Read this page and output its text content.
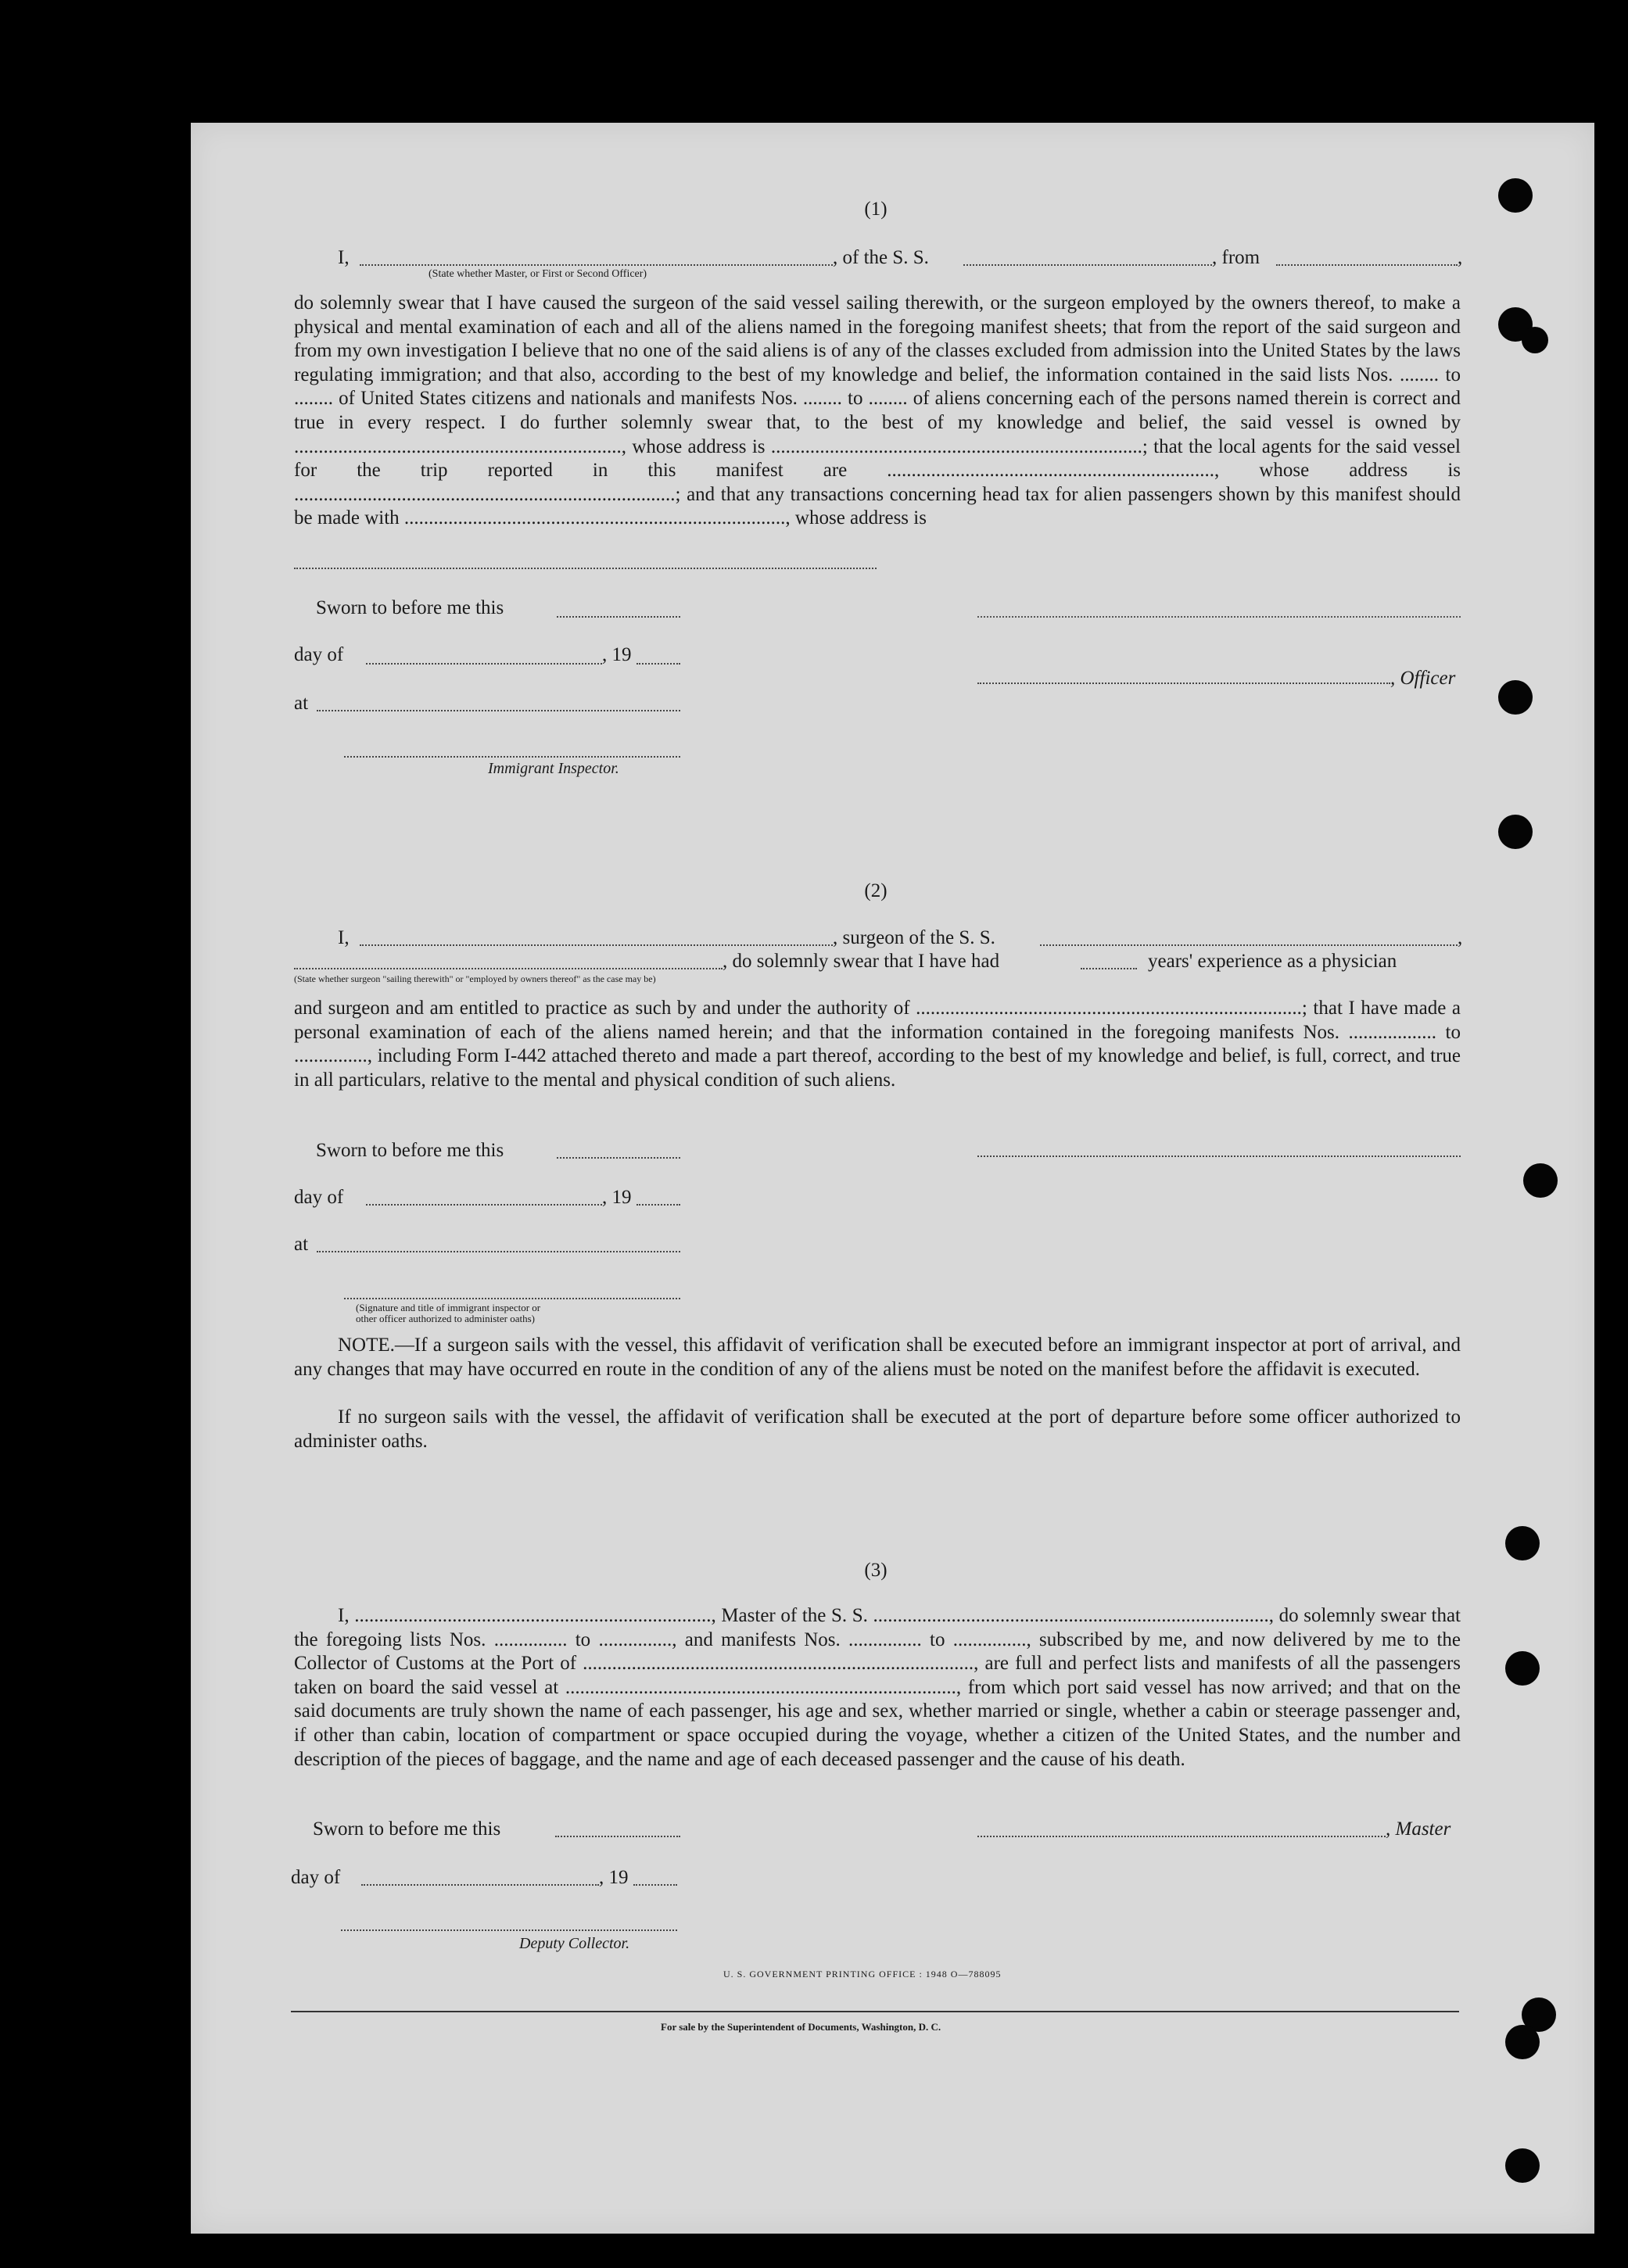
(1)
I,
(State whether Master, or First or Second Officer)
, of the S. S.	, from	,
do solemnly swear that I have caused the surgeon of the said vessel sailing therewith, or the surgeon employed by the owners thereof, to make a physical and mental examination of each and all of the aliens named in the foregoing manifest sheets; that from the report of the said surgeon and from my own investigation I believe that no one of the said aliens is of any of the classes excluded from admission into the United States by the laws regulating immigration; and that also, according to the best of my knowledge and belief, the information contained in the said lists Nos. ........ to ........ of United States citizens and nationals and manifests Nos. ........ to ........ of aliens concerning each of the persons named therein is correct and true in every respect. I do further solemnly swear that, to the best of my knowledge and belief, the said vessel is owned by ..................................................................., whose address is ............................................................................; that the local agents for the said vessel for the trip reported in this manifest are ..................................................................., whose address is ..............................................................................; and that any transactions concerning head tax for alien passengers shown by this manifest should be made with .............................................................................., whose address is
Sworn to before me this
day of	, 19
, Officer
at
Immigrant Inspector.
(2)
I,	, surgeon of the S. S.	,
, do solemnly swear that I have had	years' experience as a physician
(State whether surgeon "sailing therewith" or "employed by owners thereof" as the case may be)
and surgeon and am entitled to practice as such by and under the authority of ...............................................................................; that I have made a personal examination of each of the aliens named herein; and that the information contained in the foregoing manifests Nos. .................. to ..............., including Form I-442 attached thereto and made a part thereof, according to the best of my knowledge and belief, is full, correct, and true in all particulars, relative to the mental and physical condition of such aliens.
Sworn to before me this
day of	, 19
at
(Signature and title of immigrant inspector or
other officer authorized to administer oaths)
NOTE.—If a surgeon sails with the vessel, this affidavit of verification shall be executed before an immigrant inspector at port of arrival, and any changes that may have occurred en route in the condition of any of the aliens must be noted on the manifest before the affidavit is executed.
If no surgeon sails with the vessel, the affidavit of verification shall be executed at the port of departure before some officer authorized to administer oaths.
(3)
I, ........................................................................., Master of the S. S. ................................................................................., do solemnly swear that the foregoing lists Nos. ............... to ..............., and manifests Nos. ............... to ..............., subscribed by me, and now delivered by me to the Collector of Customs at the Port of ................................................................................, are full and perfect lists and manifests of all the passengers taken on board the said vessel at ................................................................................, from which port said vessel has now arrived; and that on the said documents are truly shown the name of each passenger, his age and sex, whether married or single, whether a cabin or steerage passenger and, if other than cabin, location of compartment or space occupied during the voyage, whether a citizen of the United States, and the number and description of the pieces of baggage, and the name and age of each deceased passenger and the cause of his death.
Sworn to before me this	, Master
day of	, 19
Deputy Collector.
U. S. GOVERNMENT PRINTING OFFICE : 1948 O—788095
For sale by the Superintendent of Documents, Washington, D. C.
